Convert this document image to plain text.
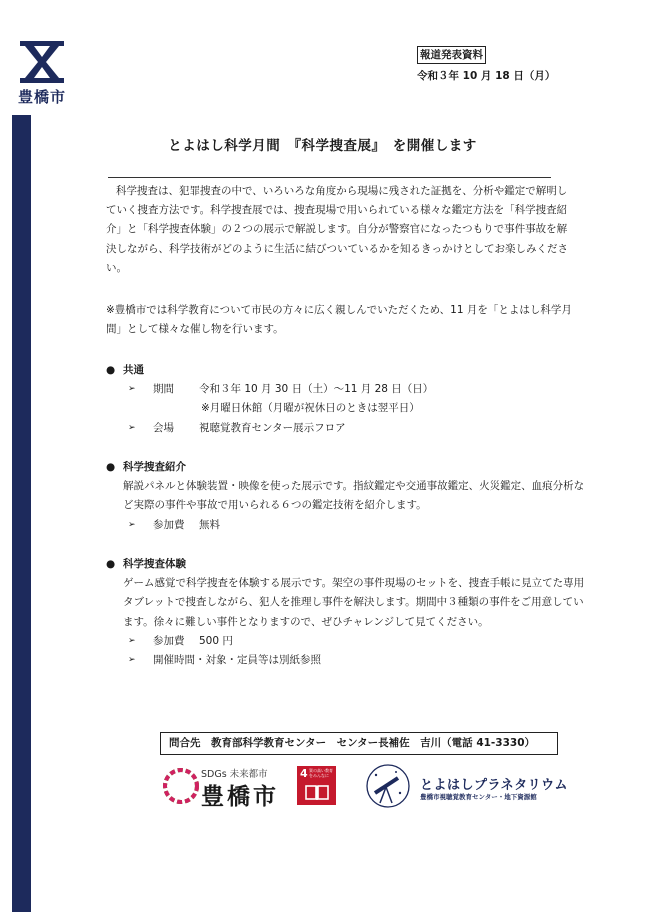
豊橋市
報道発表資料
令和３年 10 月 18 日（月）
とよはし科学月間　『科学捜査展』　を開催します
科学捜査は、犯罪捜査の中で、いろいろな角度から現場に残された証拠を、分析や鑑定で解明していく捜査方法です。科学捜査展では、捜査現場で用いられている様々な鑑定方法を「科学捜査紹介」と「科学捜査体験」の２つの展示で解説します。自分が警察官になったつもりで事件事故を解決しながら、科学技術がどのように生活に結びついているかを知るきっかけとしてお楽しみください。
※豊橋市では科学教育について市民の方々に広く親しんでいただくため、11 月を「とよはし科学月間」として様々な催し物を行います。
● 共通
➢ 期間 令和３年 10 月 30 日（土）～11 月 28 日（日）
※月曜日休館（月曜が祝休日のときは翌平日）
➢ 会場 視聴覚教育センター展示フロア
● 科学捜査紹介
解説パネルと体験装置・映像を使った展示です。指紋鑑定や交通事故鑑定、火災鑑定、血痕分析など実際の事件や事故で用いられる６つの鑑定技術を紹介します。
➢ 参加費 無料
● 科学捜査体験
ゲーム感覚で科学捜査を体験する展示です。架空の事件現場のセットを、捜査手帳に見立てた専用タブレットで捜査しながら、犯人を推理し事件を解決します。期間中３種類の事件をご用意しています。徐々に難しい事件となりますので、ぜひチャレンジして見てください。
➢ 参加費 500 円
➢ 開催時間・対象・定員等は別紙参照
問合先　 教育部科学教育センター　センター長補佐　吉川（電話 41-3330）
SDGs 未来都市
豊橋市
4 質の高い教育をみんなに
とよはしプラネタリウム
豊橋市視聴覚教育センター・地下資源館
